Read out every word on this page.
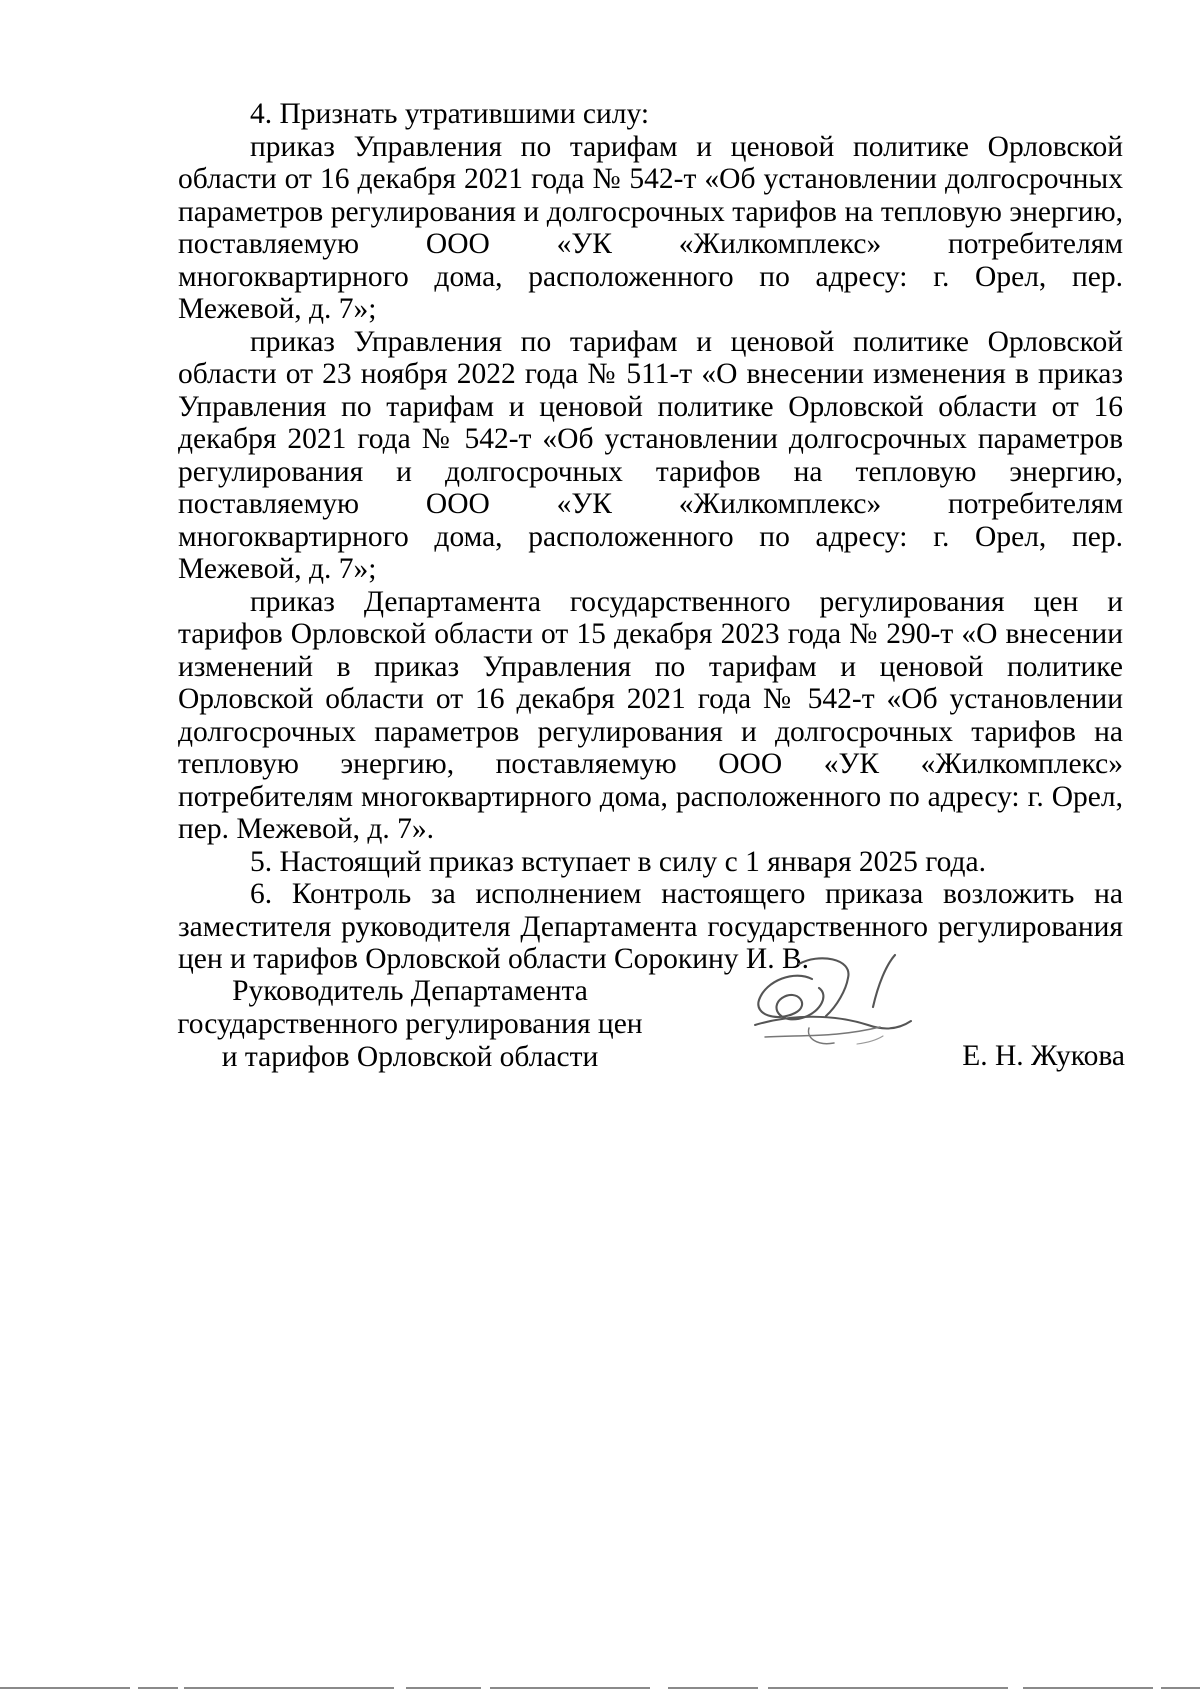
4. Признать утратившими силу:

приказ Управления по тарифам и ценовой политике Орловской области от 16 декабря 2021 года № 542-т «Об установлении долгосрочных параметров регулирования и долгосрочных тарифов на тепловую энергию, поставляемую ООО «УК «Жилкомплекс» потребителям многоквартирного дома, расположенного по адресу: г. Орел, пер. Межевой, д. 7»;

приказ Управления по тарифам и ценовой политике Орловской области от 23 ноября 2022 года № 511-т «О внесении изменения в приказ Управления по тарифам и ценовой политике Орловской области от 16 декабря 2021 года № 542-т «Об установлении долгосрочных параметров регулирования и долгосрочных тарифов на тепловую энергию, поставляемую ООО «УК «Жилкомплекс» потребителям многоквартирного дома, расположенного по адресу: г. Орел, пер. Межевой, д. 7»;

приказ Департамента государственного регулирования цен и тарифов Орловской области от 15 декабря 2023 года № 290-т «О внесении изменений в приказ Управления по тарифам и ценовой политике Орловской области от 16 декабря 2021 года № 542-т «Об установлении долгосрочных параметров регулирования и долгосрочных тарифов на тепловую энергию, поставляемую ООО «УК «Жилкомплекс» потребителям многоквартирного дома, расположенного по адресу: г. Орел, пер. Межевой, д. 7».

5. Настоящий приказ вступает в силу с 1 января 2025 года.

6. Контроль за исполнением настоящего приказа возложить на заместителя руководителя Департамента государственного регулирования цен и тарифов Орловской области Сорокину И. В.

Руководитель Департамента
государственного регулирования цен
и тарифов Орловской области	Е. Н. Жукова
